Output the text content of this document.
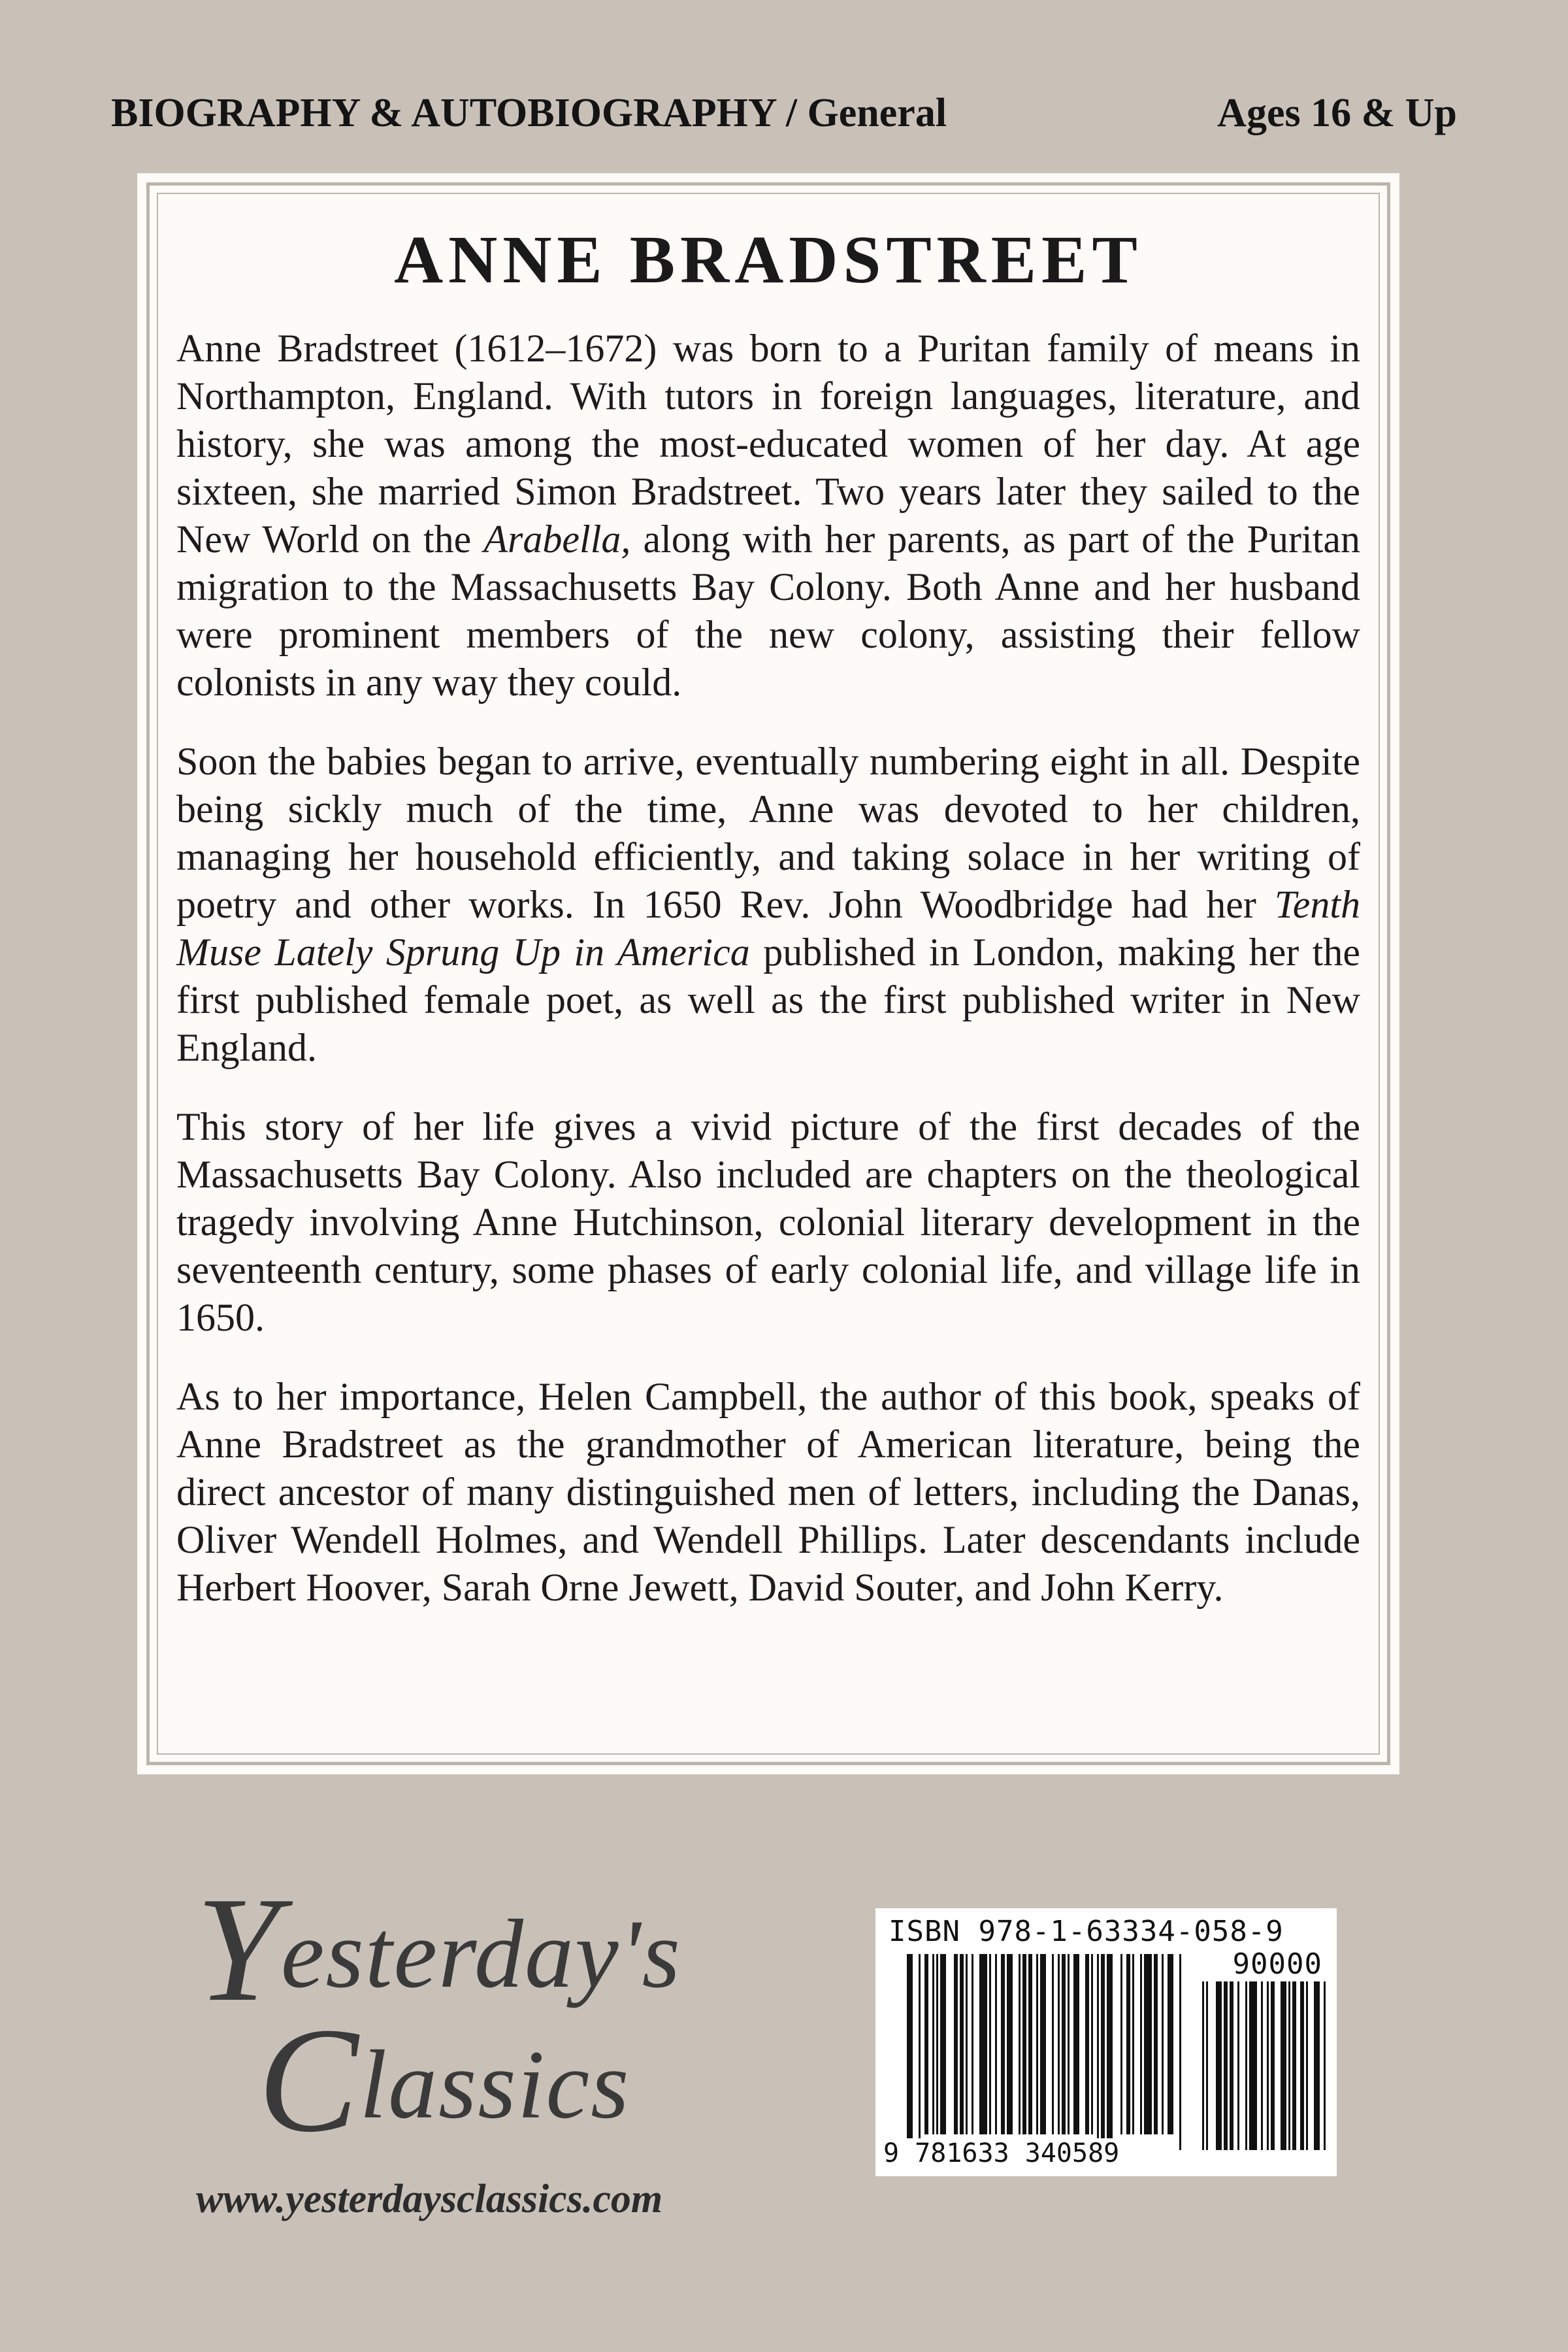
BIOGRAPHY & AUTOBIOGRAPHY / General	Ages 16 & Up
ANNE BRADSTREET

Anne Bradstreet (1612–1672) was born to a Puritan family of means in Northampton, England. With tutors in foreign languages, literature, and history, she was among the most-educated women of her day. At age sixteen, she married Simon Bradstreet. Two years later they sailed to the New World on the Arabella, along with her parents, as part of the Puritan migration to the Massachusetts Bay Colony. Both Anne and her husband were prominent members of the new colony, assisting their fellow colonists in any way they could.

Soon the babies began to arrive, eventually numbering eight in all. Despite being sickly much of the time, Anne was devoted to her children, managing her household efficiently, and taking solace in her writing of poetry and other works. In 1650 Rev. John Woodbridge had her Tenth Muse Lately Sprung Up in America published in London, making her the first published female poet, as well as the first published writer in New England.

This story of her life gives a vivid picture of the first decades of the Massachusetts Bay Colony. Also included are chapters on the theological tragedy involving Anne Hutchinson, colonial literary development in the seventeenth century, some phases of early colonial life, and village life in 1650.

As to her importance, Helen Campbell, the author of this book, speaks of Anne Bradstreet as the grandmother of American literature, being the direct ancestor of many distinguished men of letters, including the Danas, Oliver Wendell Holmes, and Wendell Phillips. Later descendants include Herbert Hoover, Sarah Orne Jewett, David Souter, and John Kerry.

Yesterday's
Classics
www.yesterdaysclassics.com
ISBN 978-1-63334-058-9
90000
9 781633 340589
